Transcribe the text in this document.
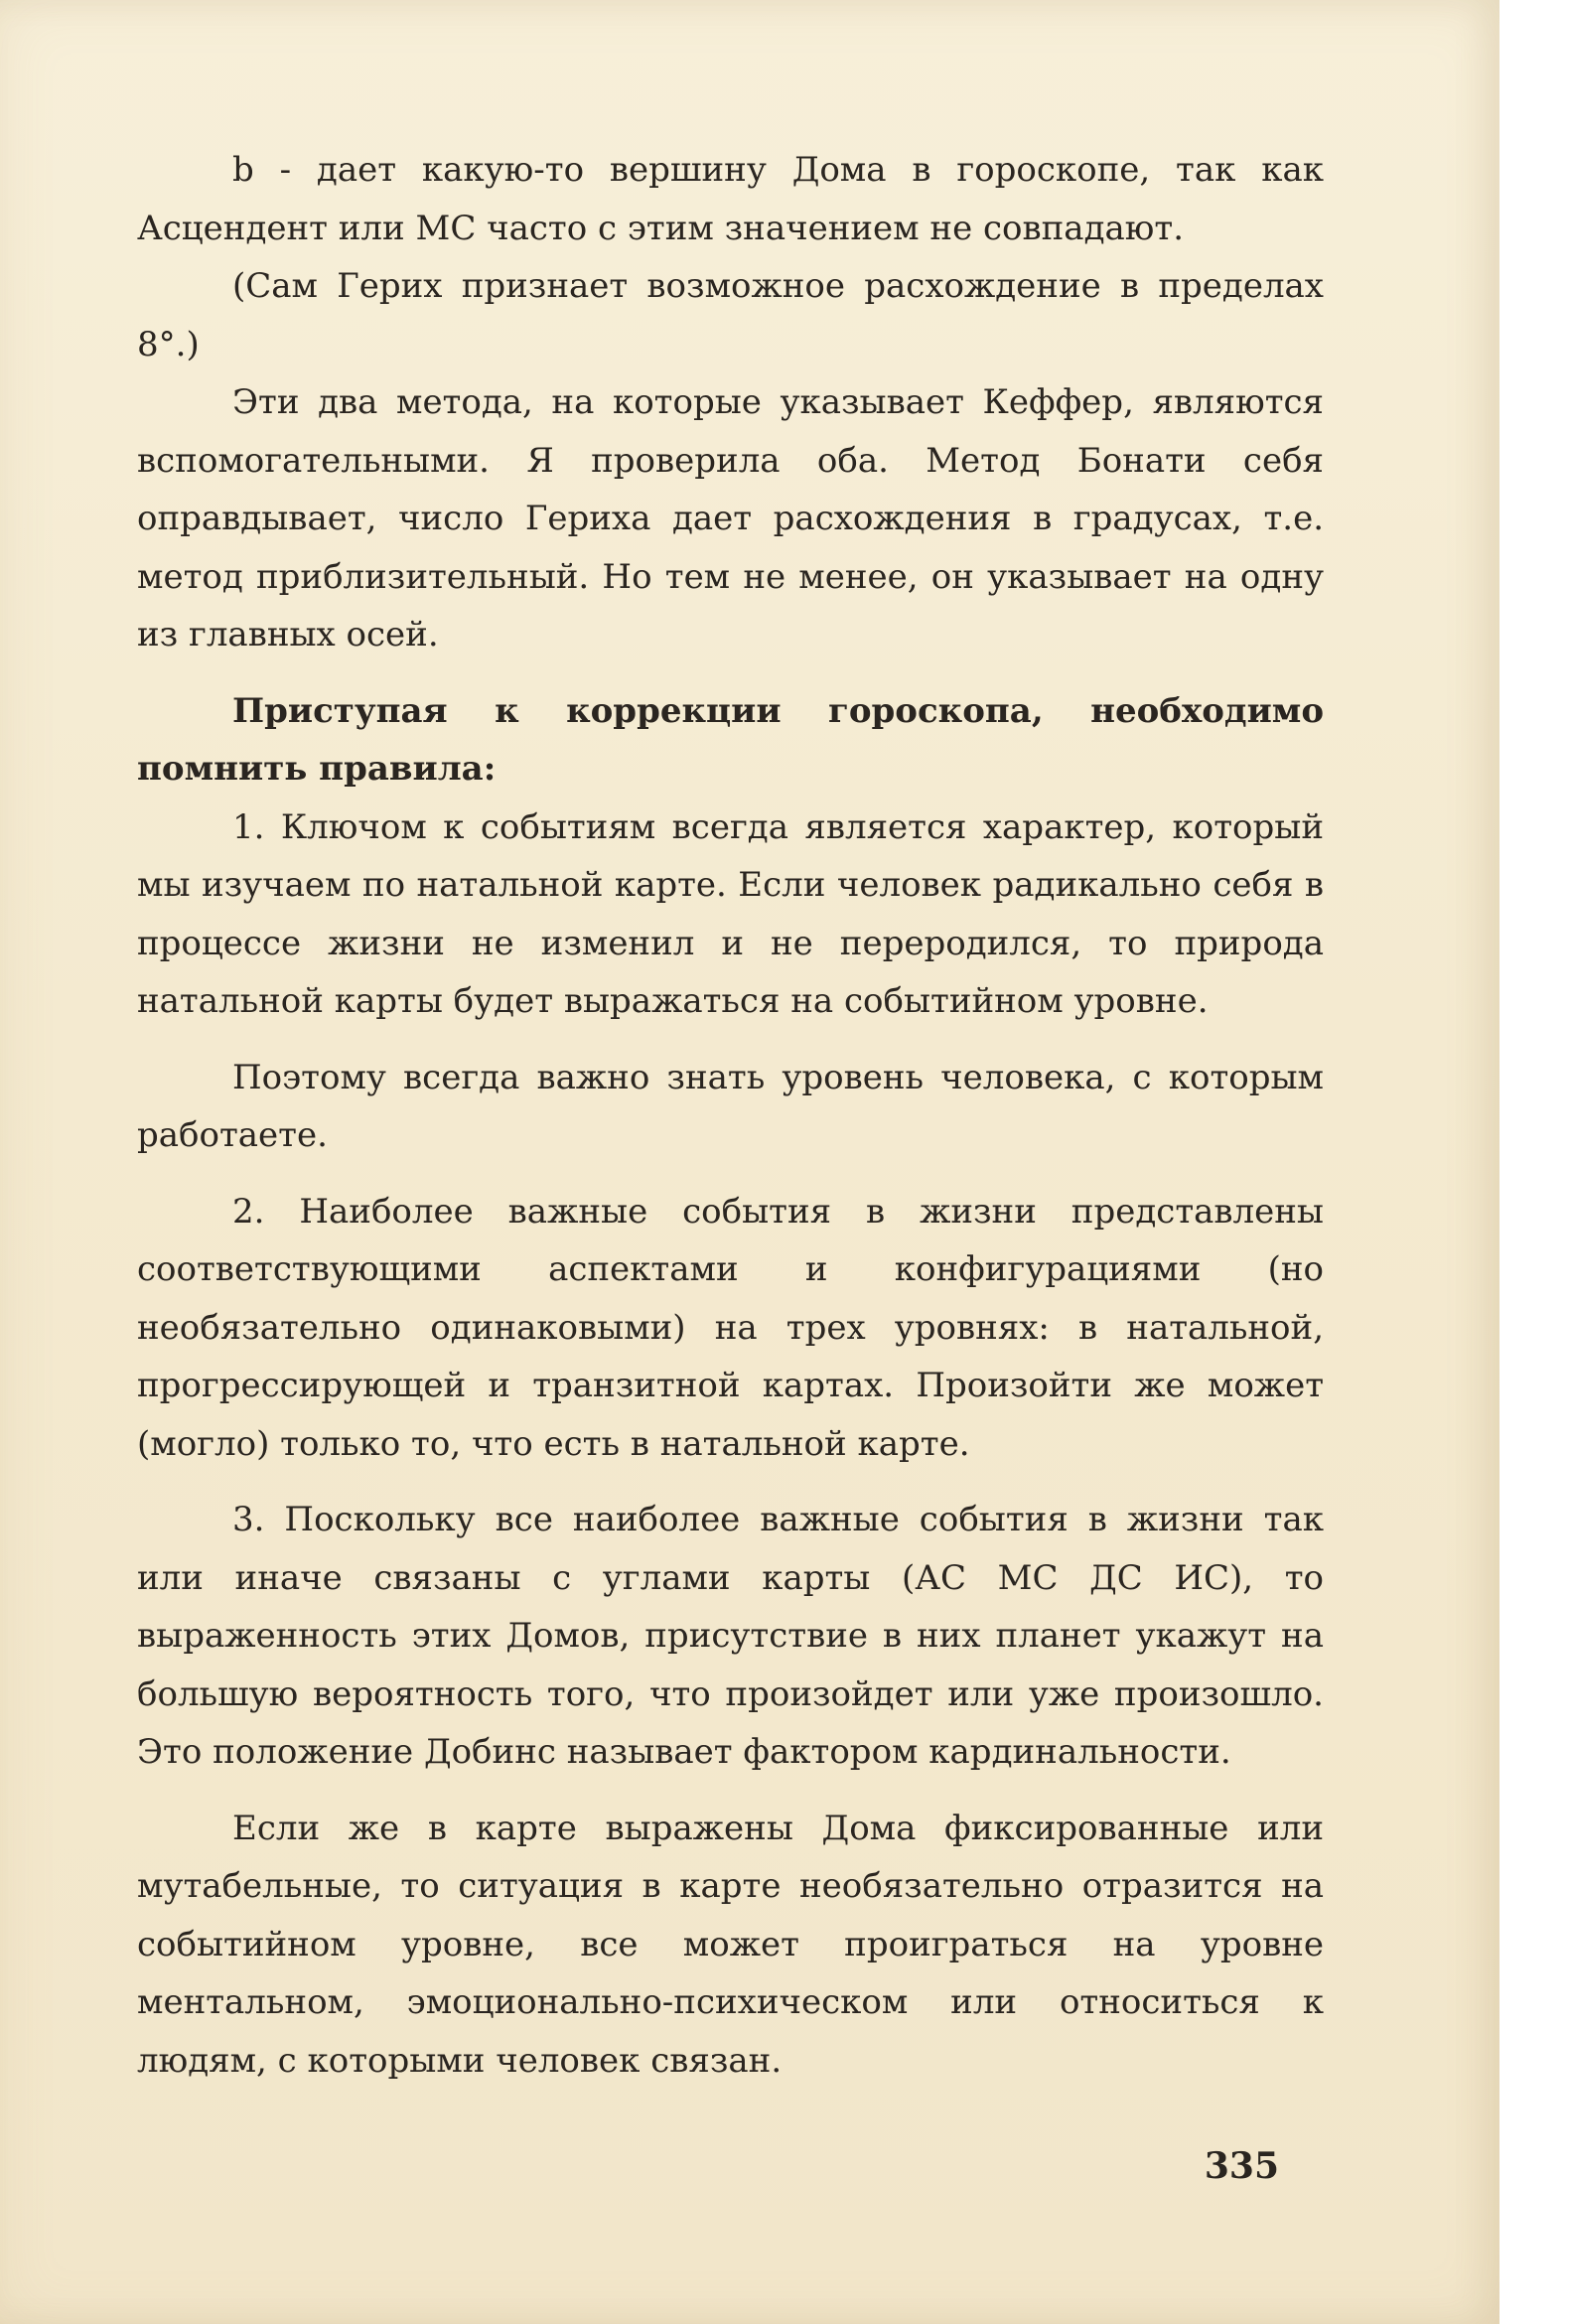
b - дает какую-то вершину Дома в гороскопе, так как Асцендент или МС часто с этим значением не совпадают.

(Сам Герих признает возможное расхождение в пределах 8°.)

Эти два метода, на которые указывает Кеффер, являются вспомогательными. Я проверила оба. Метод Бонати себя оправдывает, число Гериха дает расхождения в градусах, т.е. метод приблизительный. Но тем не менее, он указывает на одну из главных осей.

Приступая к коррекции гороскопа, необходимо помнить правила:

1. Ключом к событиям всегда является характер, который мы изучаем по натальной карте. Если человек радикально себя в процессе жизни не изменил и не переродился, то природа натальной карты будет выражаться на событийном уровне.

Поэтому всегда важно знать уровень человека, с которым работаете.

2. Наиболее важные события в жизни представлены соответствующими аспектами и конфигурациями (но необязательно одинаковыми) на трех уровнях: в натальной, прогрессирующей и транзитной картах. Произойти же может (могло) только то, что есть в натальной карте.

3. Поскольку все наиболее важные события в жизни так или иначе связаны с углами карты (АС МС ДС ИС), то выраженность этих Домов, присутствие в них планет укажут на большую вероятность того, что произойдет или уже произошло. Это положение Добинс называет фактором кардинальности.

Если же в карте выражены Дома фиксированные или мутабельные, то ситуация в карте необязательно отразится на событийном уровне, все может проиграться на уровне ментальном, эмоционально-психическом или относиться к людям, с которыми человек связан.

335
